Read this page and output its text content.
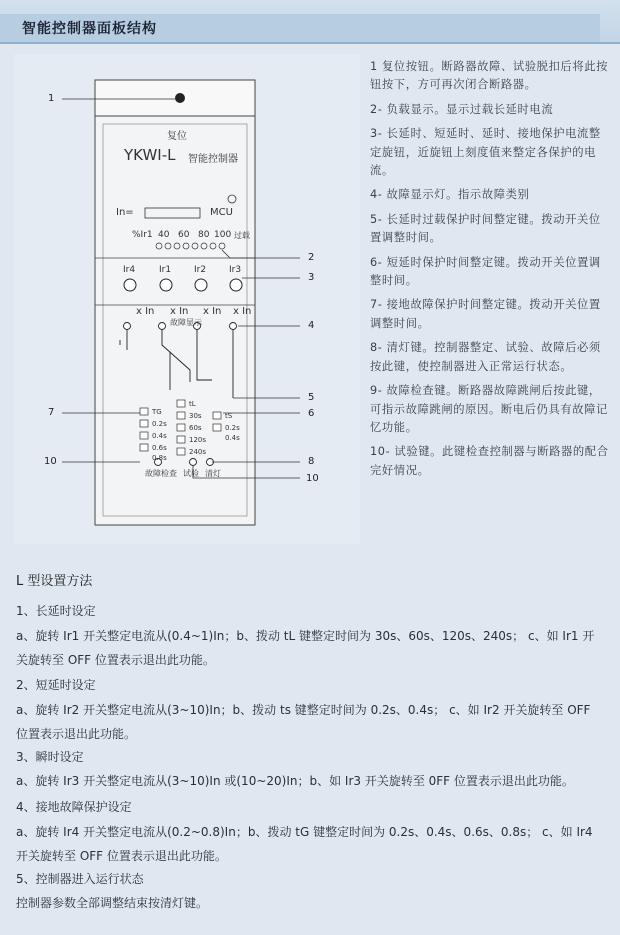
智能控制器面板结构
复位
YKWI-L 智能控制器
In=	MCU
%Ir1 40 60 80 100 过载
Ir4	Ir1	Ir2	Ir3
x In x In x In x In
故障显示
TG
tL
tS
0.2s
0.4s
0.6s
0.8s
30s
60s
120s
240s
0.2s
0.4s
故障检查 试验 清灯
1
2
3
4
5
6
7
8
10
10

1 复位按钮。断路器故障、试验脱扣后将此按钮按下，方可再次闭合断路器。

2- 负载显示。显示过载长延时电流

3- 长延时、短延时、延时、接地保护电流整定旋钮，近旋钮上刻度值来整定各保护的电流。

4- 故障显示灯。指示故障类别

5- 长延时过载保护时间整定键。拨动开关位置调整时间。

6- 短延时保护时间整定键。拨动开关位置调整时间。

7- 接地故障保护时间整定键。拨动开关位置调整时间。

8- 清灯键。控制器整定、试验、故障后必须按此键，使控制器进入正常运行状态。

9- 故障检查键。断路器故障跳闸后按此键，可指示故障跳闸的原因。断电后仍具有故障记忆功能。

10- 试验键。此键检查控制器与断路器的配合完好情况。

L 型设置方法
1、长延时设定
a、旋转 Ir1 开关整定电流从(0.4~1)In；b、拨动 tL 键整定时间为 30s、60s、120s、240s； c、如 Ir1 开关旋转至 OFF 位置表示退出此功能。
2、短延时设定
a、旋转 Ir2 开关整定电流从(3~10)In；b、拨动 ts 键整定时间为 0.2s、0.4s； c、如 Ir2 开关旋转至 OFF 位置表示退出此功能。
3、瞬时设定
a、旋转 Ir3 开关整定电流从(3~10)In 或(10~20)In；b、如 Ir3 开关旋转至 0FF 位置表示退出此功能。
4、接地故障保护设定
a、旋转 Ir4 开关整定电流从(0.2~0.8)In；b、拨动 tG 键整定时间为 0.2s、0.4s、0.6s、0.8s； c、如 Ir4 开关旋转至 OFF 位置表示退出此功能。
5、控制器进入运行状态
控制器参数全部调整结束按清灯键。
